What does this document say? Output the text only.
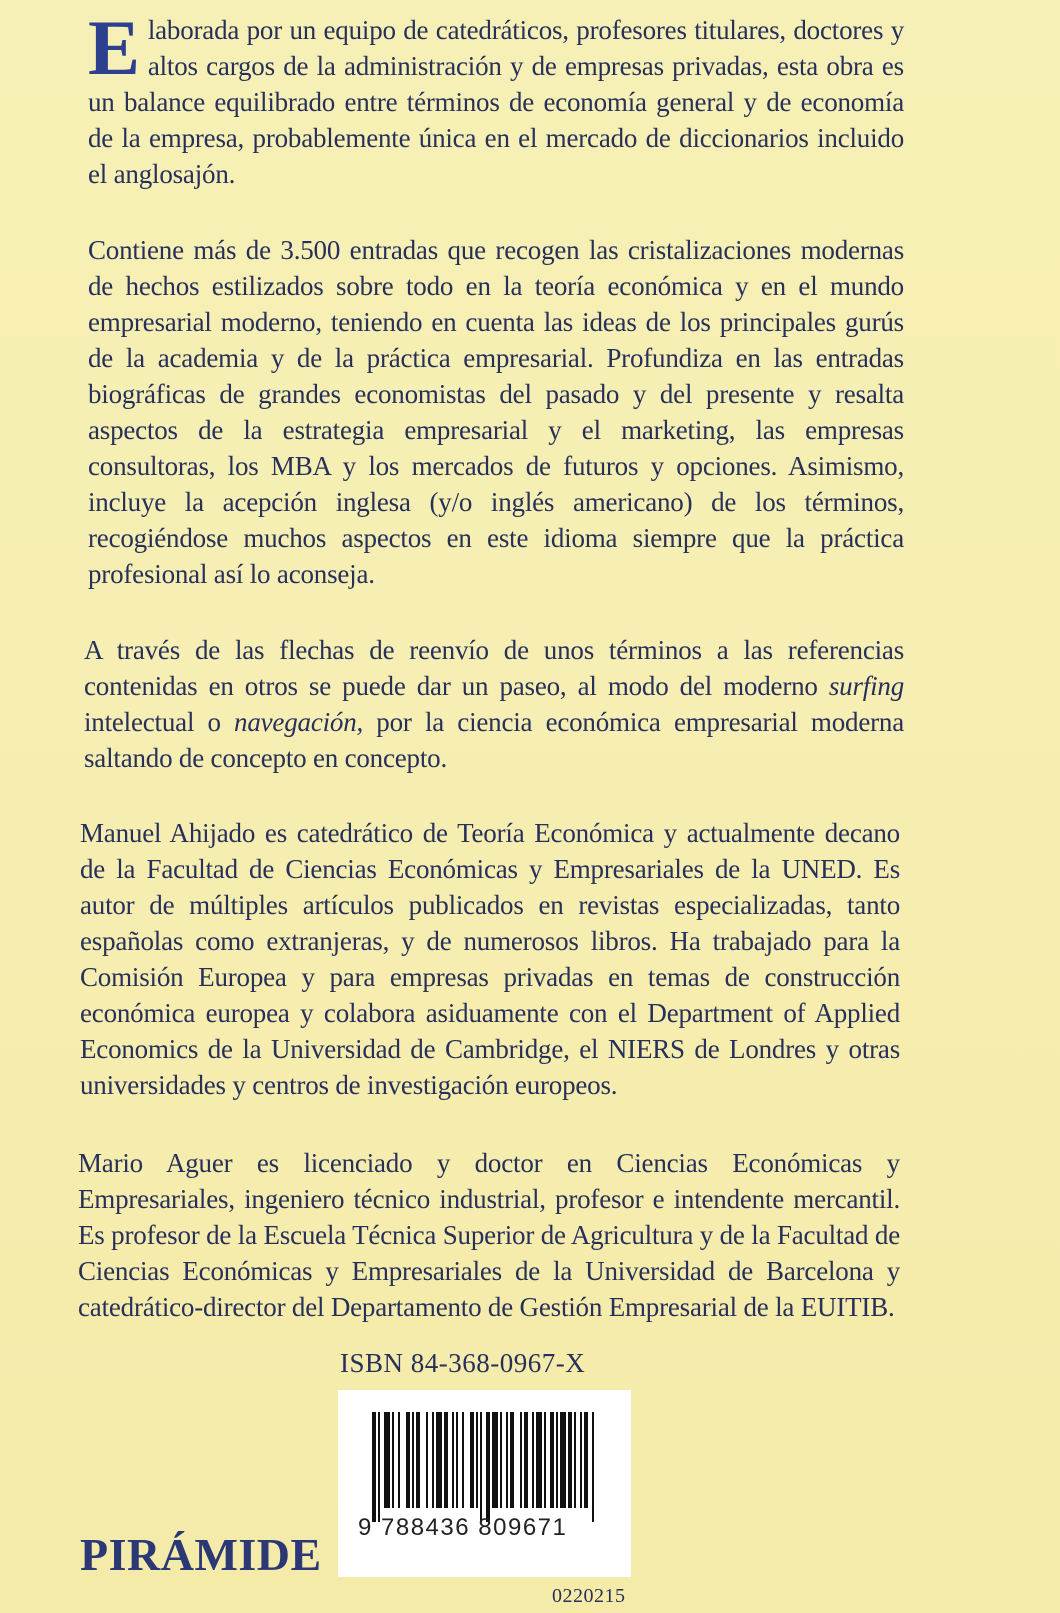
Elaborada por un equipo de catedráticos, profesores titulares, doctores y altos cargos de la administración y de empresas privadas, esta obra es un balance equilibrado entre términos de economía general y de economía de la empresa, probablemente única en el mercado de diccionarios incluido el anglosajón.

Contiene más de 3.500 entradas que recogen las cristalizaciones modernas de hechos estilizados sobre todo en la teoría económica y en el mundo empresarial moderno, teniendo en cuenta las ideas de los principales gurús de la academia y de la práctica empresarial. Profundiza en las entradas biográficas de grandes economistas del pasado y del presente y resalta aspectos de la estrategia empresarial y el marketing, las empresas consultoras, los MBA y los mercados de futuros y opciones. Asimismo, incluye la acepción inglesa (y/o inglés americano) de los términos, recogiéndose muchos aspectos en este idioma siempre que la práctica profesional así lo aconseja.

A través de las flechas de reenvío de unos términos a las referencias contenidas en otros se puede dar un paseo, al modo del moderno surfing intelectual o navegación, por la ciencia económica empresarial moderna saltando de concepto en concepto.

Manuel Ahijado es catedrático de Teoría Económica y actualmente decano de la Facultad de Ciencias Económicas y Empresariales de la UNED. Es autor de múltiples artículos publicados en revistas especializadas, tanto españolas como extranjeras, y de numerosos libros. Ha trabajado para la Comisión Europea y para empresas privadas en temas de construcción económica europea y colabora asiduamente con el Department of Applied Economics de la Universidad de Cambridge, el NIERS de Londres y otras universidades y centros de investigación europeos.

Mario Aguer es licenciado y doctor en Ciencias Económicas y Empresariales, ingeniero técnico industrial, profesor e intendente mercantil. Es profesor de la Escuela Técnica Superior de Agricultura y de la Facultad de Ciencias Económicas y Empresariales de la Universidad de Barcelona y catedrático-director del Departamento de Gestión Empresarial de la EUITIB.

ISBN 84-368-0967-X
9 788436 809671
PIRÁMIDE
0220215
